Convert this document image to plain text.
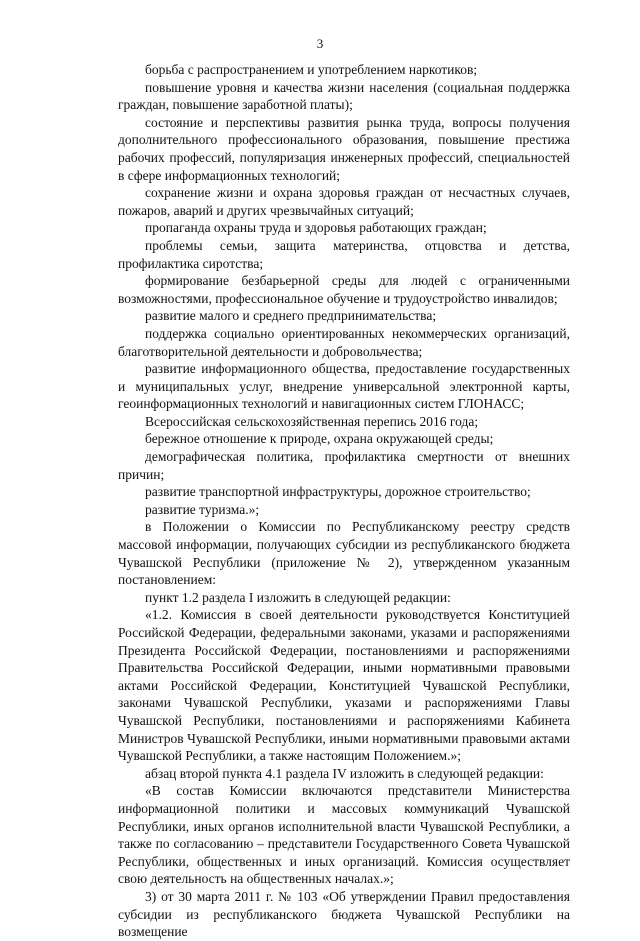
3

борьба с распространением и употреблением наркотиков;

повышение уровня и качества жизни населения (социальная поддержка граждан, повышение заработной платы);

состояние и перспективы развития рынка труда, вопросы получения дополнительного профессионального образования, повышение престижа рабочих профессий, популяризация инженерных профессий, специальностей в сфере информационных технологий;

сохранение жизни и охрана здоровья граждан от несчастных случаев, пожаров, аварий и других чрезвычайных ситуаций;

пропаганда охраны труда и здоровья работающих граждан;

проблемы семьи, защита материнства, отцовства и детства, профилактика сиротства;

формирование безбарьерной среды для людей с ограниченными возможностями, профессиональное обучение и трудоустройство инвалидов;

развитие малого и среднего предпринимательства;

поддержка социально ориентированных некоммерческих организаций, благотворительной деятельности и добровольчества;

развитие информационного общества, предоставление государственных и муниципальных услуг, внедрение универсальной электронной карты, геоинформационных технологий и навигационных систем ГЛОНАСС;

Всероссийская сельскохозяйственная перепись 2016 года;

бережное отношение к природе, охрана окружающей среды;

демографическая политика, профилактика смертности от внешних причин;

развитие транспортной инфраструктуры, дорожное строительство;

развитие туризма.»;

в Положении о Комиссии по Республиканскому реестру средств массовой информации, получающих субсидии из республиканского бюджета Чувашской Республики (приложение № 2), утвержденном указанным постановлением:

пункт 1.2 раздела I изложить в следующей редакции:

«1.2. Комиссия в своей деятельности руководствуется Конституцией Российской Федерации, федеральными законами, указами и распоряжениями Президента Российской Федерации, постановлениями и распоряжениями Правительства Российской Федерации, иными нормативными правовыми актами Российской Федерации, Конституцией Чувашской Республики, законами Чувашской Республики, указами и распоряжениями Главы Чувашской Республики, постановлениями и распоряжениями Кабинета Министров Чувашской Республики, иными нормативными правовыми актами Чувашской Республики, а также настоящим Положением.»;

абзац второй пункта 4.1 раздела IV изложить в следующей редакции:

«В состав Комиссии включаются представители Министерства информационной политики и массовых коммуникаций Чувашской Республики, иных органов исполнительной власти Чувашской Республики, а также по согласованию – представители Государственного Совета Чувашской Республики, общественных и иных организаций. Комиссия осуществляет свою деятельность на общественных началах.»;

3) от 30 марта 2011 г. № 103 «Об утверждении Правил предоставления субсидии из республиканского бюджета Чувашской Республики на возмещение
